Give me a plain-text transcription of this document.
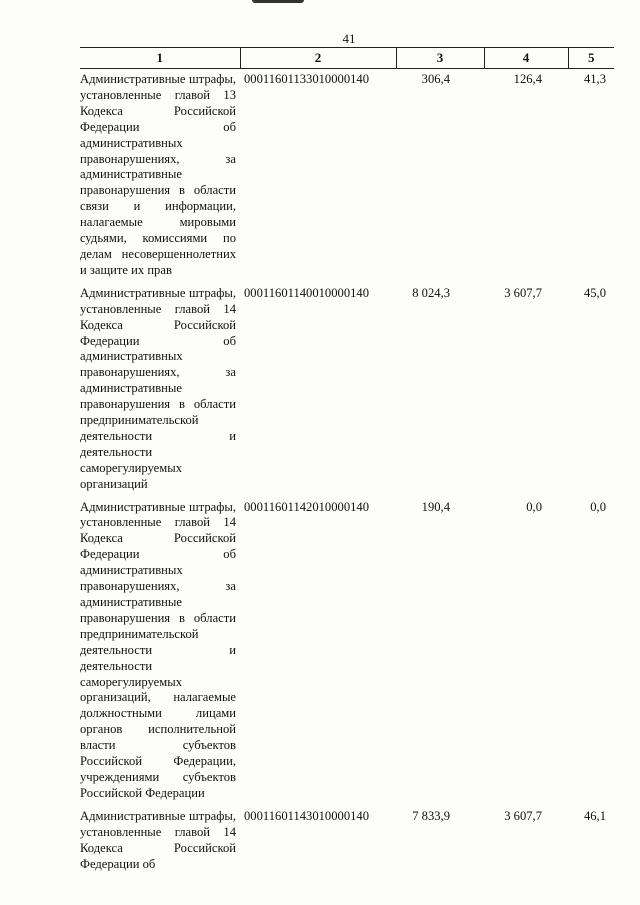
41
1	2	3	4	5
Административные штрафы, установленные главой 13 Кодекса Российской Федерации об административных правонарушениях, за административные правонарушения в области связи и информации, налагаемые мировыми судьями, комиссиями по делам несовершеннолетних и защите их прав	00011601133010000140	306,4	126,4	41,3
Административные штрафы, установленные главой 14 Кодекса Российской Федерации об административных правонарушениях, за административные правонарушения в области предпринимательской деятельности и деятельности саморегулируемых организаций	00011601140010000140	8 024,3	3 607,7	45,0
Административные штрафы, установленные главой 14 Кодекса Российской Федерации об административных правонарушениях, за административные правонарушения в области предпринимательской деятельности и деятельности саморегулируемых организаций, налагаемые должностными лицами органов исполнительной власти субъектов Российской Федерации, учреждениями субъектов Российской Федерации	00011601142010000140	190,4	0,0	0,0
Административные штрафы, установленные главой 14 Кодекса Российской Федерации об	00011601143010000140	7 833,9	3 607,7	46,1
